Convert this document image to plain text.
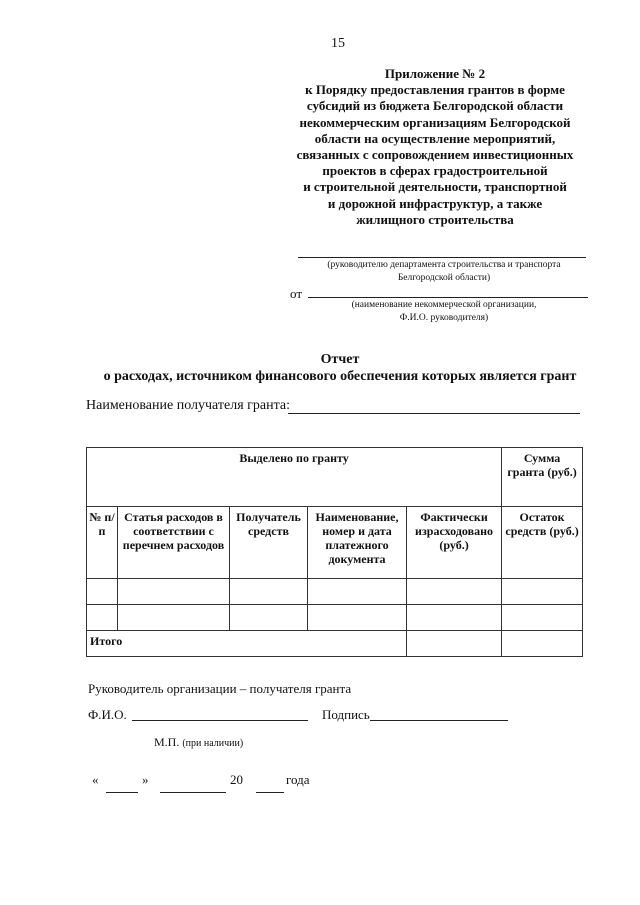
15
Приложение № 2
к Порядку предоставления грантов в форме
субсидий из бюджета Белгородской области
некоммерческим организациям Белгородской
области на осуществление мероприятий,
связанных с сопровождением инвестиционных
проектов в сферах градостроительной
и строительной деятельности, транспортной
и дорожной инфраструктур, а также
жилищного строительства
(руководителю департамента строительства и транспорта
Белгородской области)
от
(наименование некоммерческой организации,
Ф.И.О. руководителя)
Отчет
о расходах, источником финансового обеспечения которых является грант
Наименование получателя гранта:
Выделено по гранту					Сумма гранта (руб.)
№ п/п	Статья расходов в соответствии с перечнем расходов	Получатель средств	Наименование, номер и дата платежного документа	Фактически израсходовано (руб.)	Остаток средств (руб.)

Итого					
Руководитель организации – получателя гранта
Ф.И.О.	Подпись
М.П. (при наличии)
«	»	20	года
